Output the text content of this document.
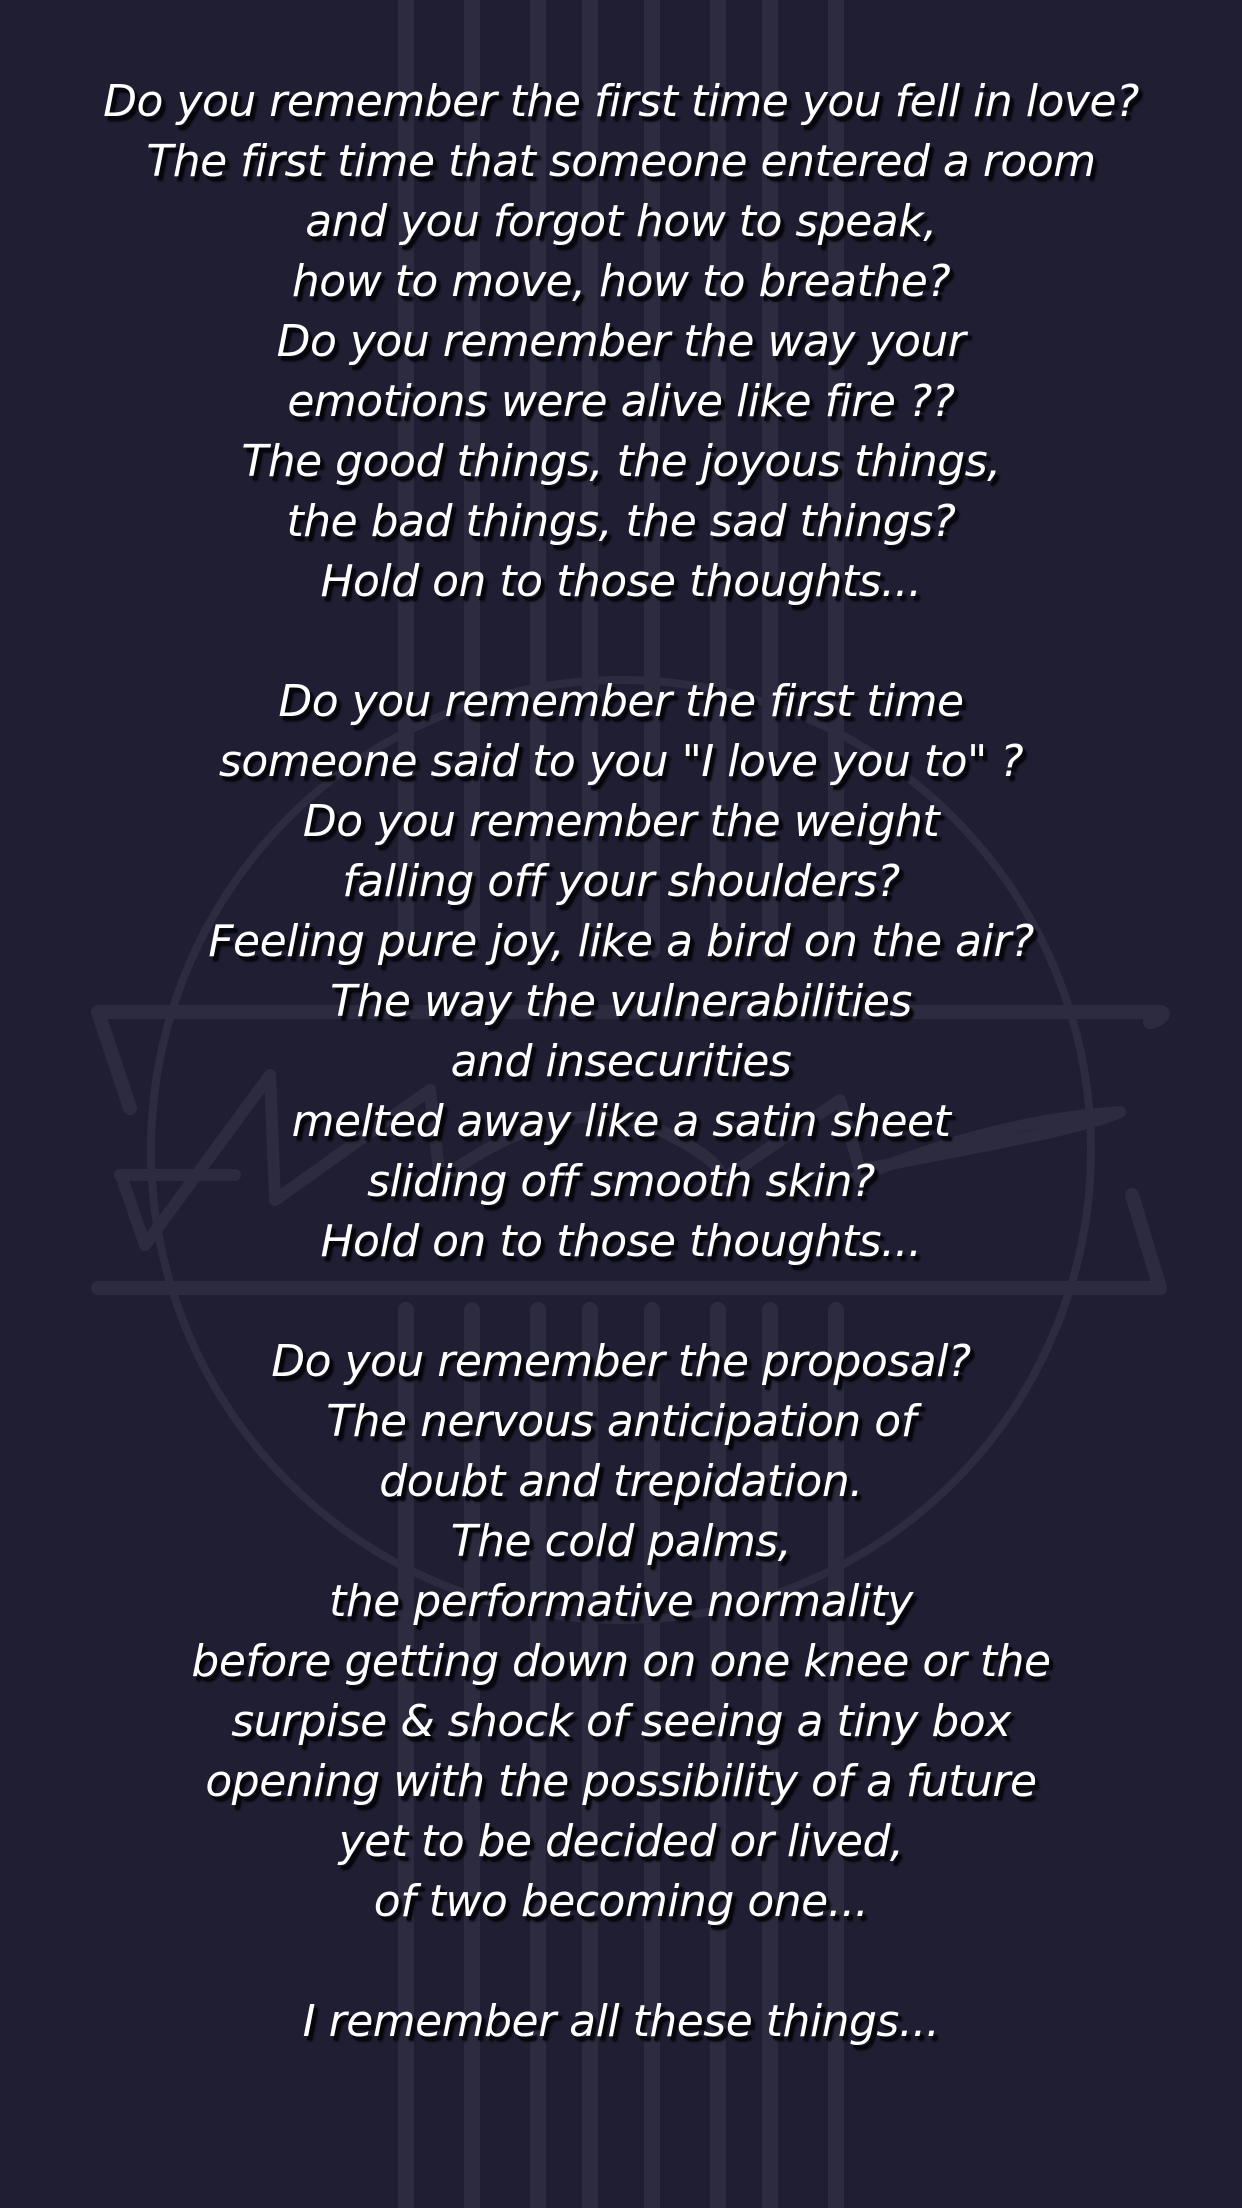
Do you remember the first time you fell in love?
The first time that someone entered a room
and you forgot how to speak,
how to move, how to breathe?
Do you remember the way your
emotions were alive like fire ??
The good things, the joyous things,
the bad things, the sad things?
Hold on to those thoughts...
Do you remember the first time
someone said to you "I love you to" ?
Do you remember the weight
falling off your shoulders?
Feeling pure joy, like a bird on the air?
The way the vulnerabilities
and insecurities
melted away like a satin sheet
sliding off smooth skin?
Hold on to those thoughts...
Do you remember the proposal?
The nervous anticipation of
doubt and trepidation.
The cold palms,
the performative normality
before getting down on one knee or the
surpise & shock of seeing a tiny box
opening with the possibility of a future
yet to be decided or lived,
of two becoming one...
I remember all these things...
